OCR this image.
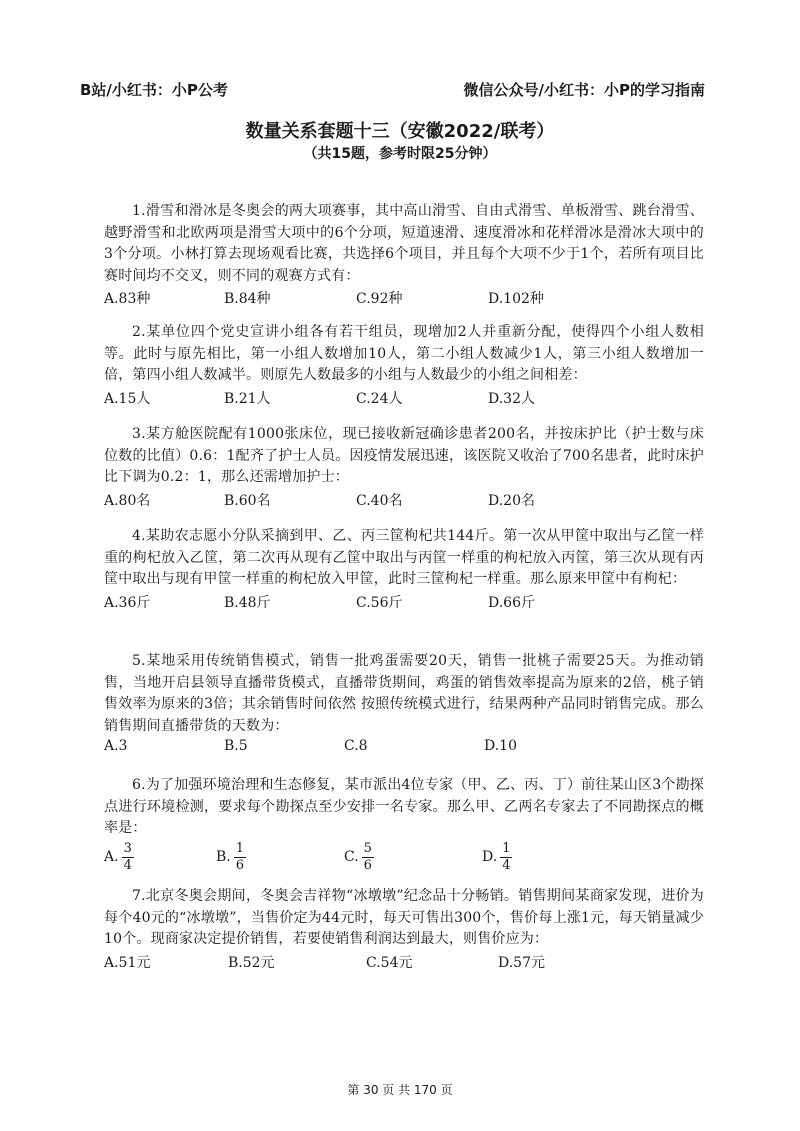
B站/小红书：小P公考	微信公众号/小红书：小P的学习指南
数量关系套题十三（安徽2022/联考）
（共15题，参考时限25分钟）

1.滑雪和滑冰是冬奥会的两大项赛事，其中高山滑雪、自由式滑雪、单板滑雪、跳台滑雪、越野滑雪和北欧两项是滑雪大项中的6个分项，短道速滑、速度滑冰和花样滑冰是滑冰大项中的3个分项。小林打算去现场观看比赛，共选择6个项目，并且每个大项不少于1个，若所有项目比赛时间均不交叉，则不同的观赛方式有：

A.83种	B.84种	C.92种	D.102种

2.某单位四个党史宣讲小组各有若干组员，现增加2人并重新分配，使得四个小组人数相等。此时与原先相比，第一小组人数增加10人，第二小组人数减少1人，第三小组人数增加一倍，第四小组人数减半。则原先人数最多的小组与人数最少的小组之间相差：

A.15人	B.21人	C.24人	D.32人

3.某方舱医院配有1000张床位，现已接收新冠确诊患者200名，并按床护比（护士数与床位数的比值）0.6：1配齐了护士人员。因疫情发展迅速，该医院又收治了700名患者，此时床护比下调为0.2：1，那么还需增加护士：

A.80名	B.60名	C.40名	D.20名

4.某助农志愿小分队采摘到甲、乙、丙三筐枸杞共144斤。第一次从甲筐中取出与乙筐一样重的枸杞放入乙筐，第二次再从现有乙筐中取出与丙筐一样重的枸杞放入丙筐，第三次从现有丙筐中取出与现有甲筐一样重的枸杞放入甲筐，此时三筐枸杞一样重。那么原来甲筐中有枸杞：

A.36斤	B.48斤	C.56斤	D.66斤

5.某地采用传统销售模式，销售一批鸡蛋需要20天，销售一批桃子需要25天。为推动销售，当地开启县领导直播带货模式，直播带货期间，鸡蛋的销售效率提高为原来的2倍，桃子销售效率为原来的3倍；其余销售时间依然 按照传统模式进行，结果两种产品同时销售完成。那么销售期间直播带货的天数为：

A.3	B.5	C.8	D.10

6.为了加强环境治理和生态修复，某市派出4位专家（甲、乙、丙、丁）前往某山区3个勘探点进行环境检测，要求每个勘探点至少安排一名专家。那么甲、乙两名专家去了不同勘探点的概率是：

A. $\frac{3}{4}$	B. $\frac{1}{6}$	C. $\frac{5}{6}$	D. $\frac{1}{4}$

7.北京冬奥会期间，冬奥会吉祥物“冰墩墩”纪念品十分畅销。销售期间某商家发现，进价为每个40元的“冰墩墩”，当售价定为44元时，每天可售出300个，售价每上涨1元，每天销量减少10个。现商家决定提价销售，若要使销售利润达到最大，则售价应为：

A.51元	B.52元	C.54元	D.57元
第 30 页 共 170 页
